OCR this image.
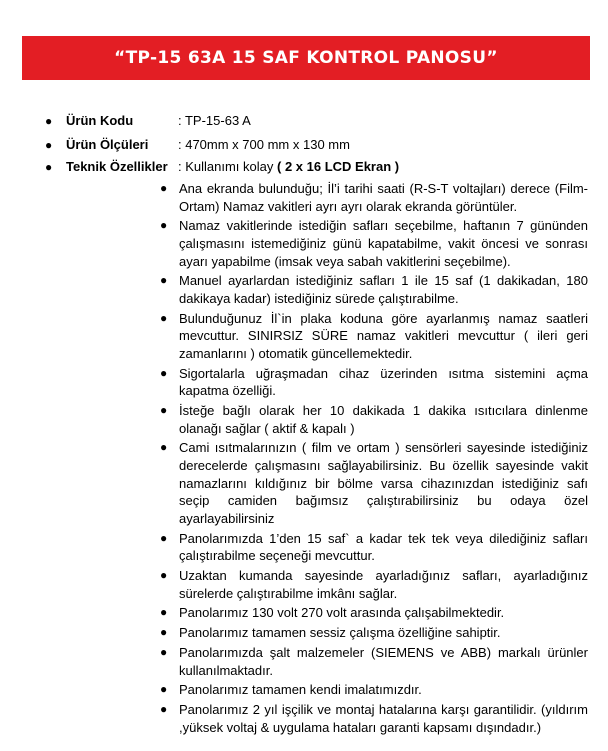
“TP-15 63A 15 SAF KONTROL PANOSU”
●	Ürün Kodu	: TP-15-63 A
●	Ürün Ölçüleri	: 470mm x 700 mm x 130 mm
●	Teknik Özellikler : Kullanımı kolay ( 2 x 16 LCD Ekran )
● Ana ekranda bulunduğu; İl’i tarihi saati (R-S-T voltajları) derece (Film- Ortam) Namaz vakitleri ayrı ayrı olarak ekranda görüntüler.
● Namaz vakitlerinde istediğin safları seçebilme, haftanın 7 gününden çalışmasını istemediğiniz günü kapatabilme, vakit öncesi ve sonrası ayarı yapabilme (imsak veya sabah vakitlerini seçebilme).
● Manuel ayarlardan istediğiniz safları 1 ile 15 saf (1 dakikadan, 180 dakikaya kadar) istediğiniz sürede çalıştırabilme.
● Bulunduğunuz İl`in plaka koduna göre ayarlanmış namaz saatleri mevcuttur. SINIRSIZ SÜRE namaz vakitleri mevcuttur ( ileri geri zamanlarını ) otomatik güncellemektedir.
● Sigortalarla uğraşmadan cihaz üzerinden ısıtma sistemini açma kapatma özelliği.
● İsteğe bağlı olarak her 10 dakikada 1 dakika ısıtıcılara dinlenme olanağı sağlar ( aktif & kapalı )
● Cami ısıtmalarınızın ( film ve ortam ) sensörleri sayesinde istediğiniz derecelerde çalışmasını sağlayabilirsiniz. Bu özellik sayesinde vakit namazlarını kıldığınız bir bölme varsa cihazınızdan istediğiniz safı seçip camiden bağımsız çalıştırabilirsiniz bu odaya özel ayarlayabilirsiniz
● Panolarımızda 1’den 15 saf` a kadar tek tek veya dilediğiniz safları çalıştırabilme seçeneği mevcuttur.
● Uzaktan kumanda sayesinde ayarladığınız safları, ayarladığınız sürelerde çalıştırabilme imkânı sağlar.
● Panolarımız 130 volt 270 volt arasında çalışabilmektedir.
● Panolarımız tamamen sessiz çalışma özelliğine sahiptir.
● Panolarımızda şalt malzemeler (SIEMENS ve ABB) markalı ürünler kullanılmaktadır.
● Panolarımız tamamen kendi imalatımızdır.
● Panolarımız 2 yıl işçilik ve montaj hatalarına karşı garantilidir. (yıldırım ,yüksek voltaj & uygulama hataları garanti kapsamı dışındadır.)
